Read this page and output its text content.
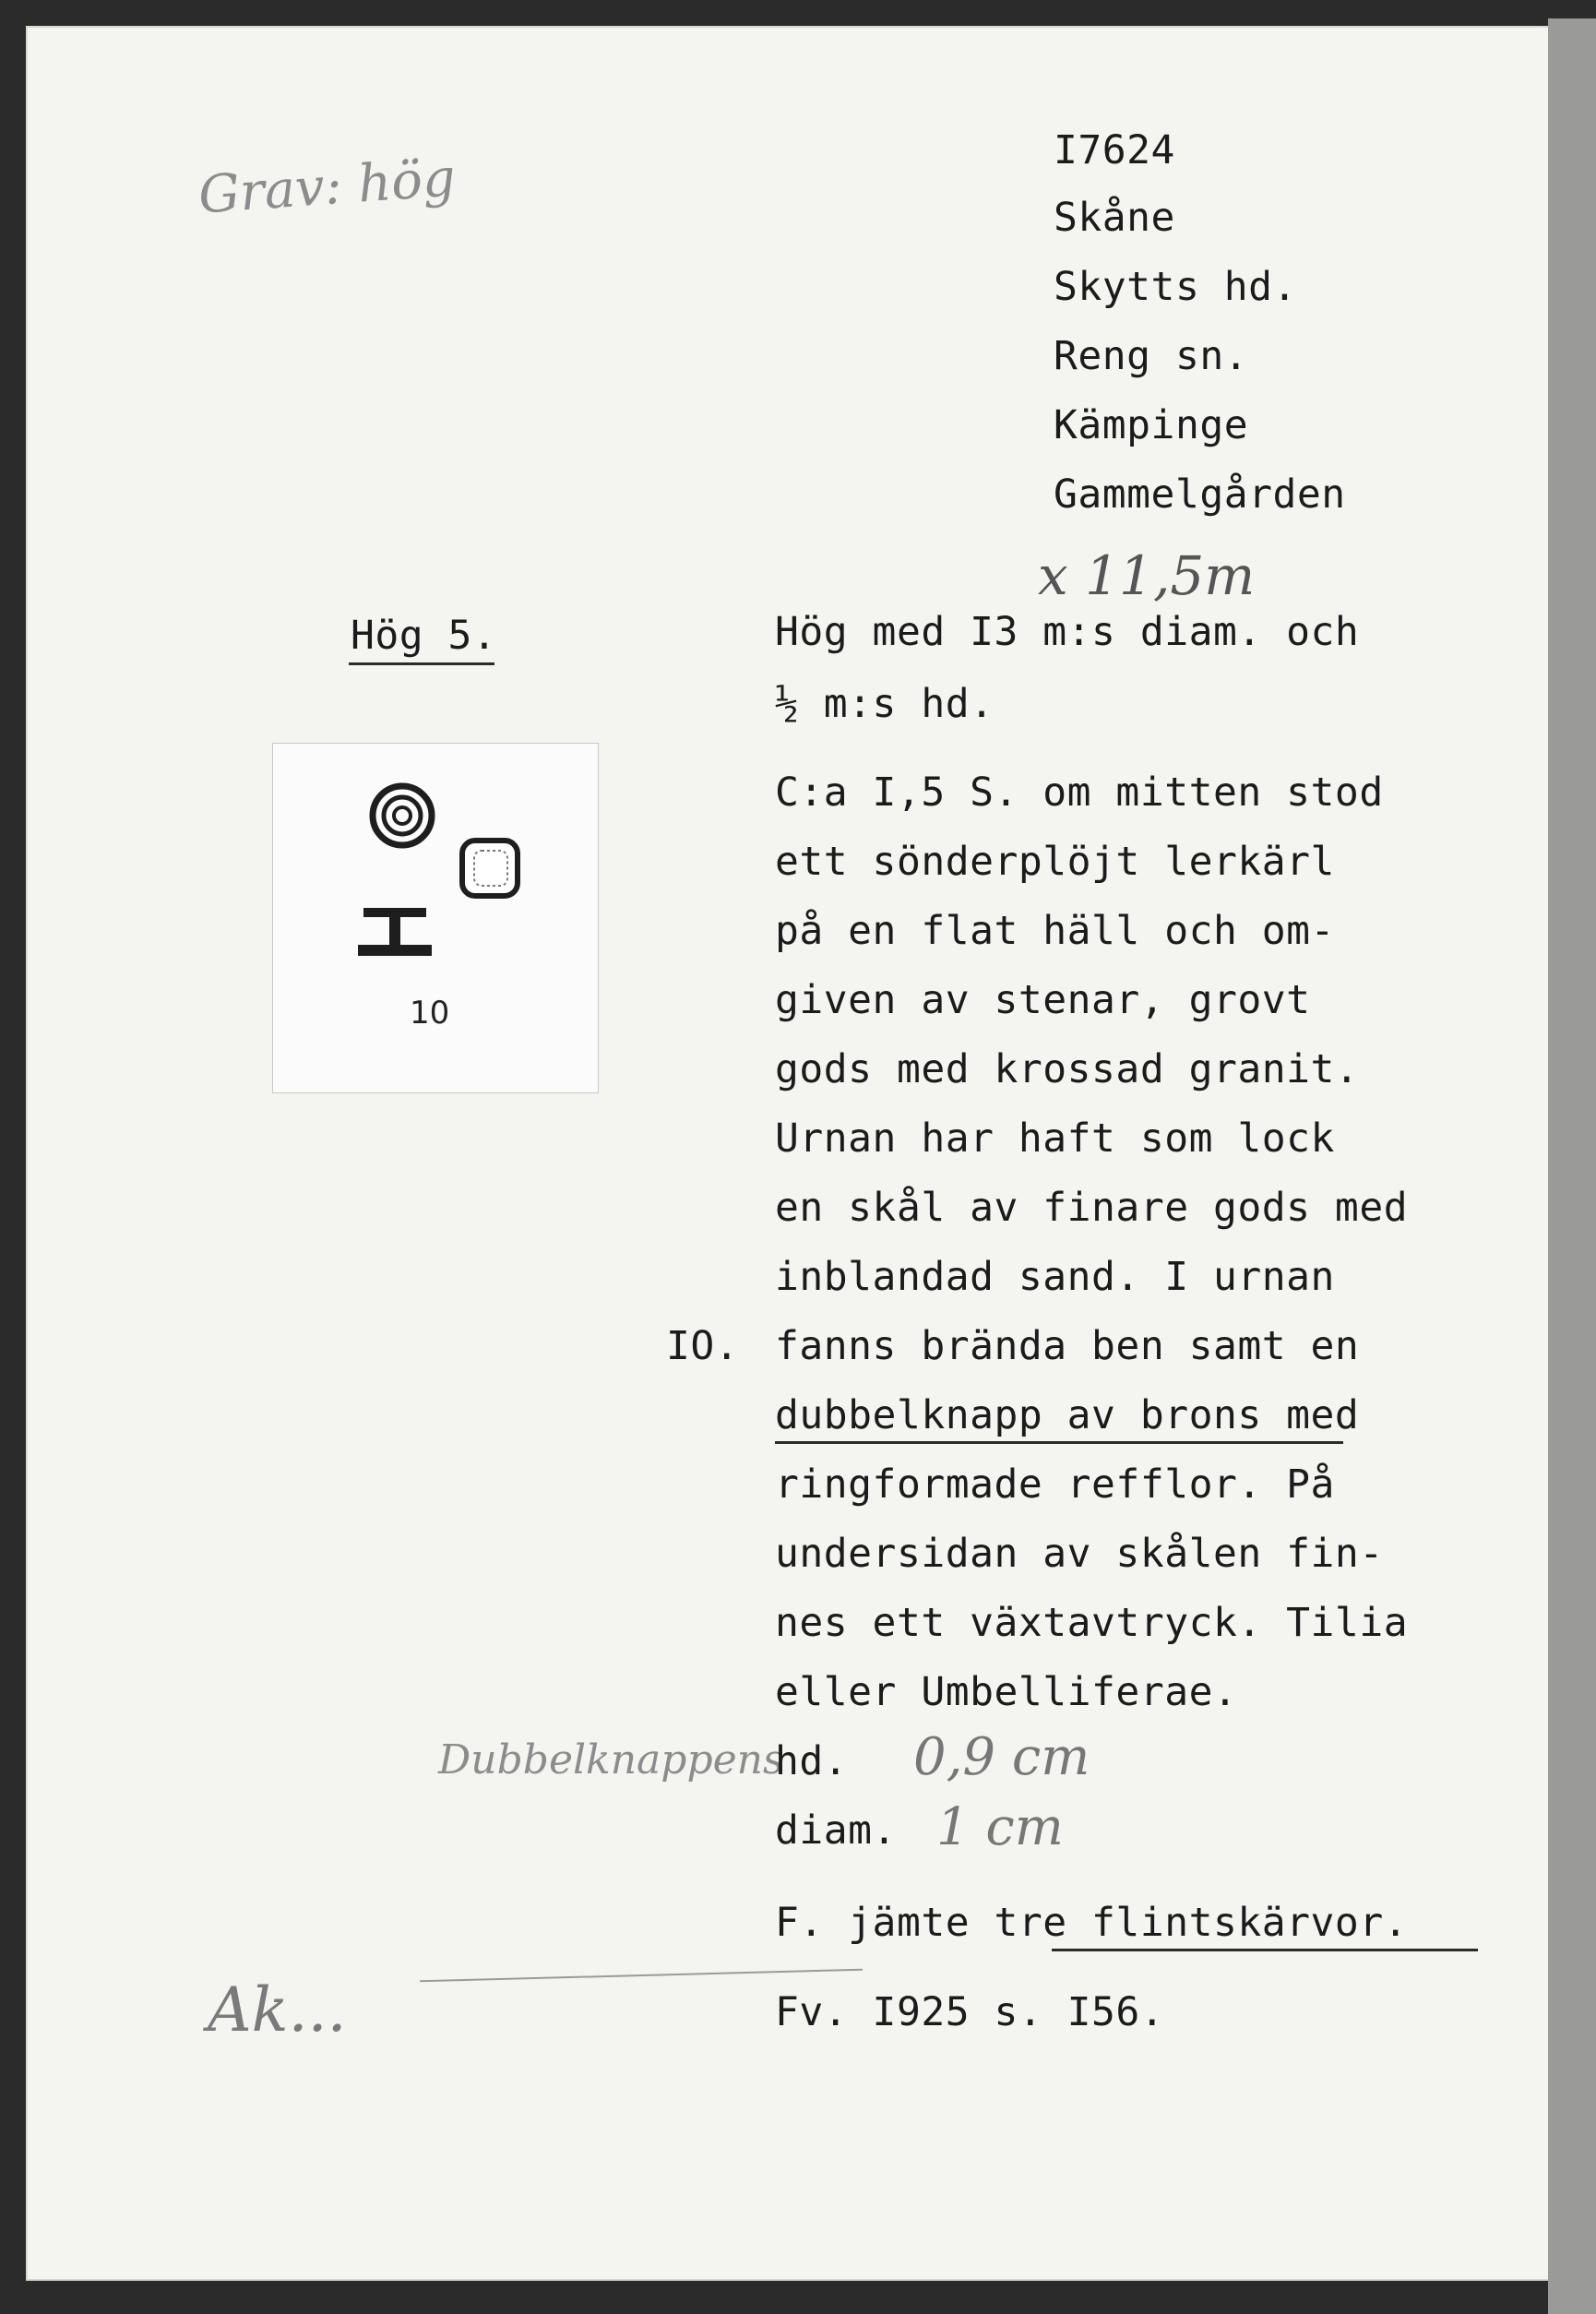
I7624
Skåne
Skytts hd.
Reng sn.
Kämpinge
Gammelgården
Grav: hög
x 11,5m
Hög 5.
10
Hög med I3 m:s diam. och
½ m:s hd.
C:a I,5 S. om mitten stod
ett sönderplöjt lerkärl
på en flat häll och om-
given av stenar, grovt
gods med krossad granit.
Urnan har haft som lock
en skål av finare gods med
inblandad sand. I urnan
IO. fanns brända ben samt en
dubbelknapp av brons med
ringformade refflor. På
undersidan av skålen fin-
nes ett växtavtryck. Tilia
eller Umbelliferae.
Dubbelknappens
hd. 0,9 cm
diam. 1 cm
F. jämte tre flintskärvor.
Ak...	Fv. I925 s. I56.
